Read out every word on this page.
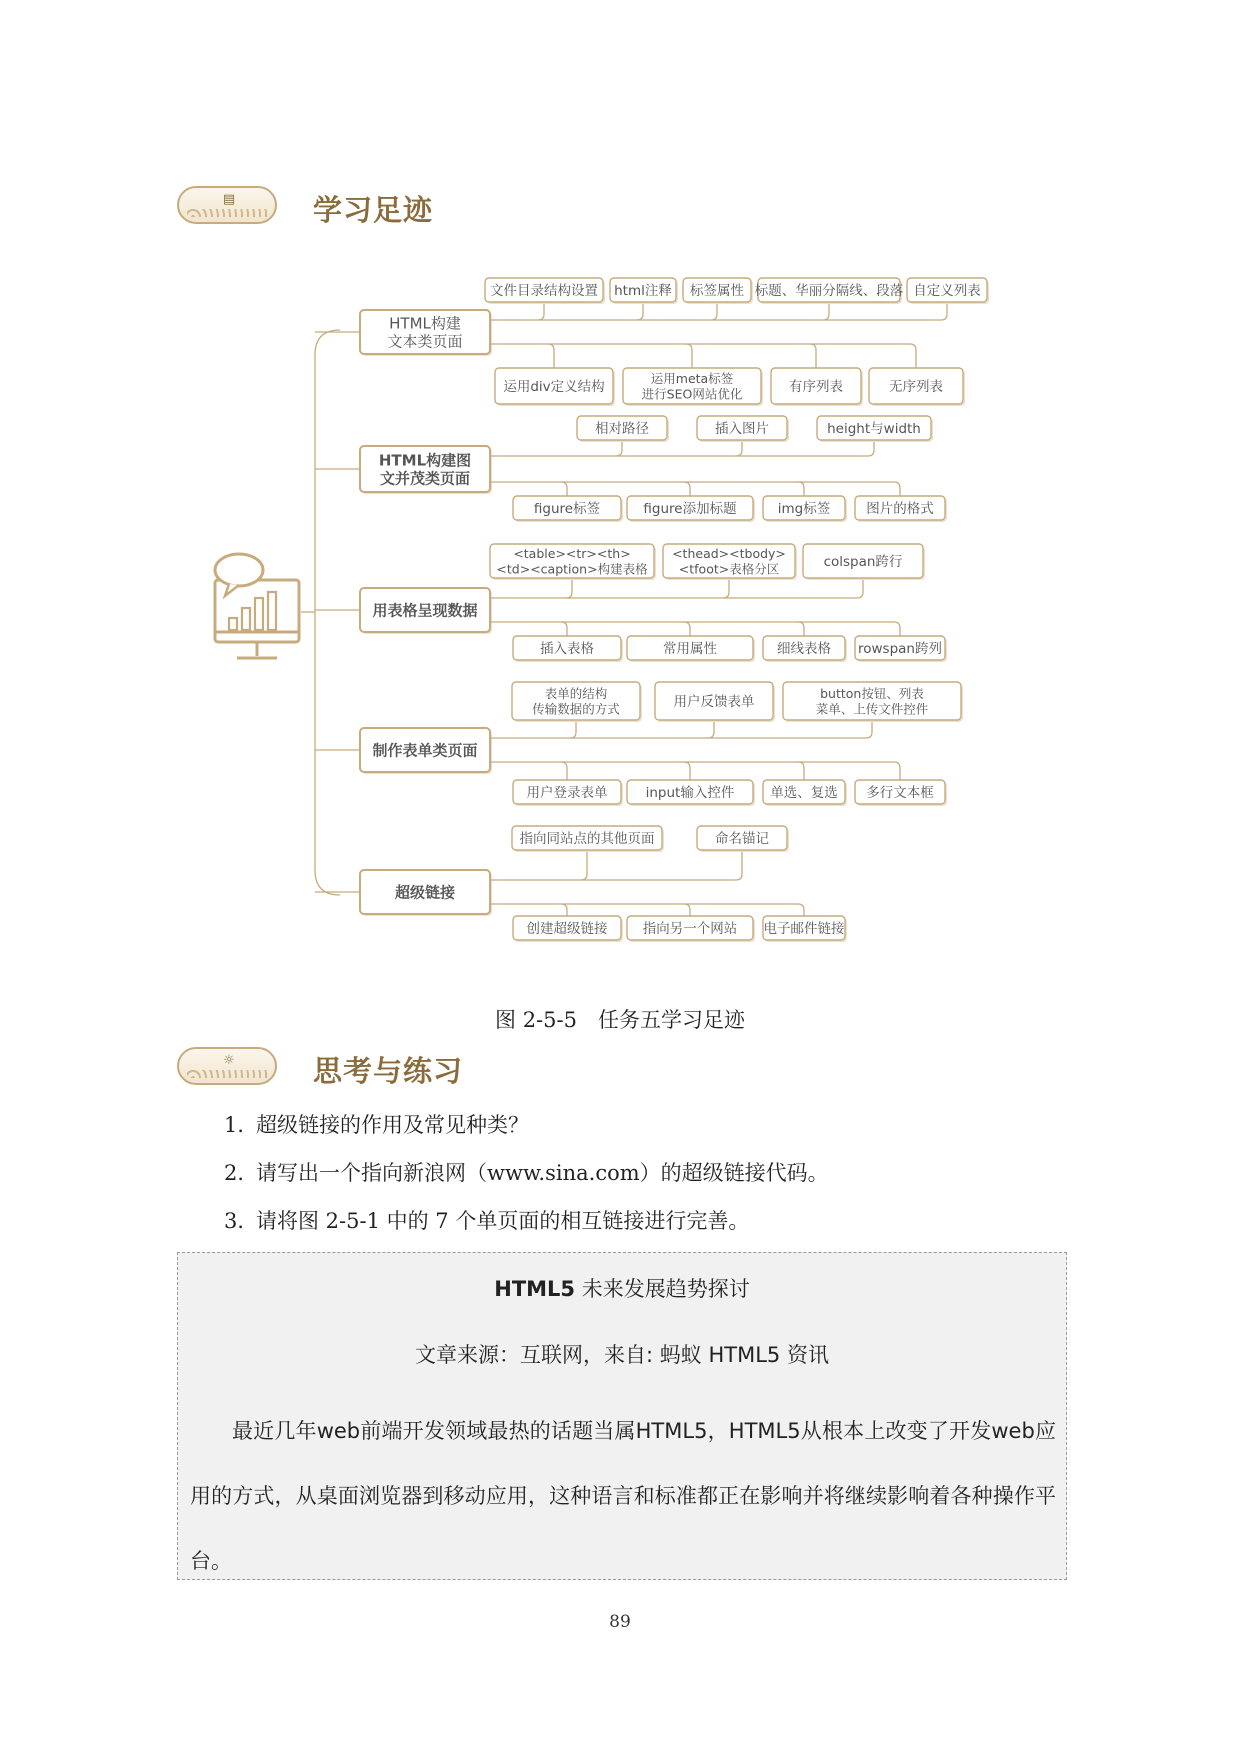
▤	学习足迹
HTML构建
文本类页面
文件目录结构设置 html注释 标签属性 标题、华丽分隔线、段落 自定义列表
运用div定义结构
运用meta标签
进行SEO网站优化	有序列表	无序列表
HTML构建图
文并茂类页面
相对路径	插入图片	height与width
figure标签	figure添加标题	img标签	图片的格式
用表格呈现数据
<table><tr><th>
<td><caption>构建表格
<thead><tbody>
<tfoot>表格分区	colspan跨行
插入表格	常用属性	细线表格 rowspan跨列
制作表单类页面
表单的结构
传输数据的方式	用户反馈表单
button按钮、列表
菜单、上传文件控件
用户登录表单	input输入控件	单选、复选 多行文本框
超级链接
指向同站点的其他页面	命名锚记
创建超级链接	指向另一个网站 电子邮件链接
图 2-5-5　任务五学习足迹
☼	思考与练习
1．超级链接的作用及常见种类？
2．请写出一个指向新浪网（www.sina.com）的超级链接代码。
3．请将图 2-5-1 中的 7 个单页面的相互链接进行完善。
HTML5 未来发展趋势探讨
文章来源：互联网，来自: 蚂蚁 HTML5 资讯
最近几年web前端开发领域最热的话题当属HTML5，HTML5从根本上改变了开发web应用的方式，从桌面浏览器到移动应用，这种语言和标准都正在影响并将继续影响着各种操作平台。
89
